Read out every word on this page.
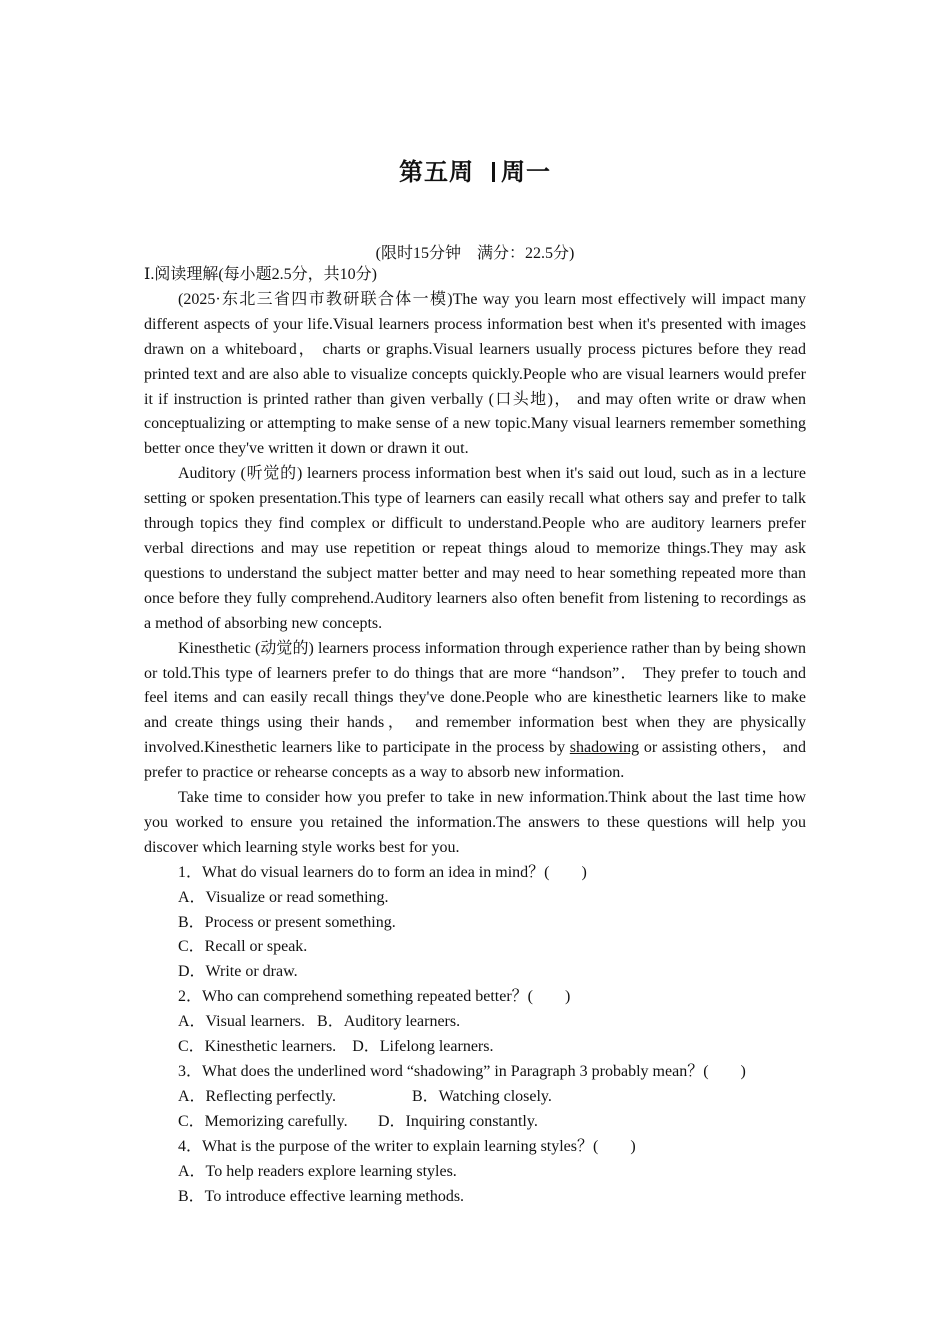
第五周 周一
(限时15分钟　满分：22.5分)

Ⅰ.阅读理解(每小题2.5分，共10分)

(2025·东北三省四市教研联合体一模)The way you learn most effectively will impact many different aspects of your life.Visual learners process information best when it's presented with images drawn on a whiteboard， charts or graphs.Visual learners usually process pictures before they read printed text and are also able to visualize concepts quickly.People who are visual learners would prefer it if instruction is printed rather than given verbally (口头地)， and may often write or draw when conceptualizing or attempting to make sense of a new topic.Many visual learners remember something better once they've written it down or drawn it out.

Auditory (听觉的) learners process information best when it's said out loud, such as in a lecture setting or spoken presentation.This type of learners can easily recall what others say and prefer to talk through topics they find complex or difficult to understand.People who are auditory learners prefer verbal directions and may use repetition or repeat things aloud to memorize things.They may ask questions to understand the subject matter better and may need to hear something repeated more than once before they fully comprehend.Auditory learners also often benefit from listening to recordings as a method of absorbing new concepts.

Kinesthetic (动觉的) learners process information through experience rather than by being shown or told.This type of learners prefer to do things that are more “handson”． They prefer to touch and feel items and can easily recall things they've done.People who are kinesthetic learners like to make and create things using their hands， and remember information best when they are physically involved.Kinesthetic learners like to participate in the process by shadowing or assisting others， and prefer to practice or rehearse concepts as a way to absorb new information.

Take time to consider how you prefer to take in new information.Think about the last time how you worked to ensure you retained the information.The answers to these questions will help you discover which learning style works best for you.

1．What do visual learners do to form an idea in mind？(　　)

A．Visualize or read something.

B．Process or present something.

C．Recall or speak.

D．Write or draw.

2．Who can comprehend something repeated better？(　　)

A．Visual learners. B．Auditory learners.

C．Kinesthetic learners. D．Lifelong learners.

3．What does the underlined word “shadowing” in Paragraph 3 probably mean？(　　)

A．Reflecting perfectly.	B．Watching closely.

C．Memorizing carefully. D．Inquiring constantly.

4．What is the purpose of the writer to explain learning styles？(　　)

A．To help readers explore learning styles.

B．To introduce effective learning methods.
